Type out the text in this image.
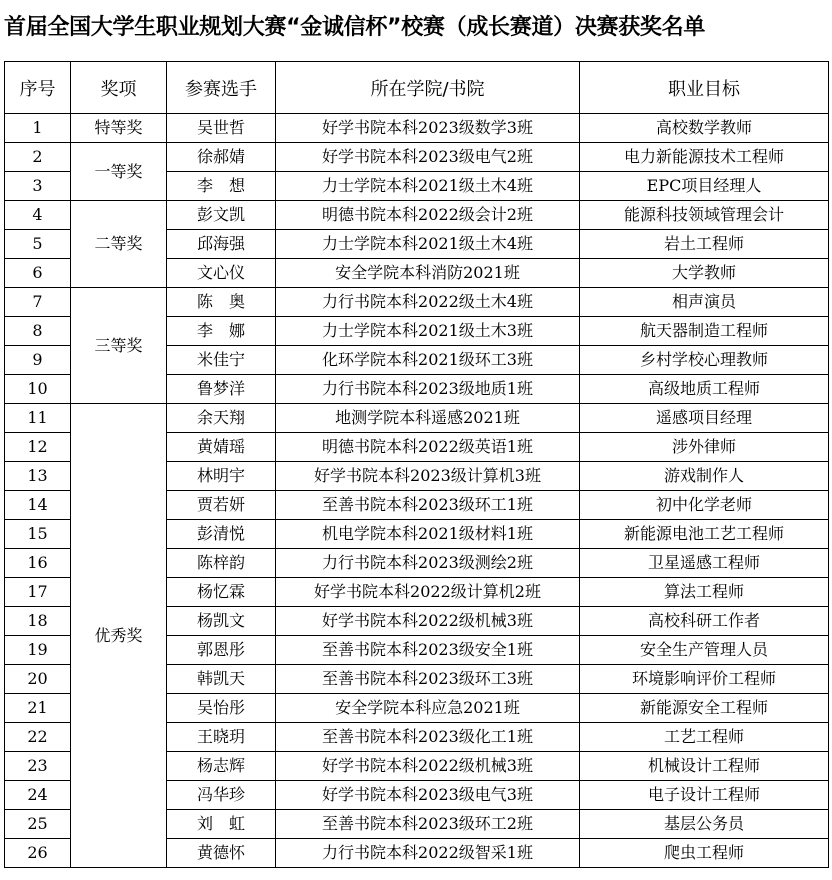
首届全国大学生职业规划大赛“金诚信杯”校赛（成长赛道）决赛获奖名单
序号	奖项	参赛选手	所在学院/书院	职业目标
1	特等奖	吴世哲	好学书院本科2023级数学3班	高校数学教师
2	一等奖	徐郝婧	好学书院本科2023级电气2班	电力新能源技术工程师
3		李　想	力士学院本科2021级土木4班	EPC项目经理人
4	二等奖	彭文凯	明德书院本科2022级会计2班	能源科技领域管理会计
5		邱海强	力士学院本科2021级土木4班	岩土工程师
6		文心仪	安全学院本科消防2021班	大学教师
7	三等奖	陈　奥	力行书院本科2022级土木4班	相声演员
8		李　娜	力士学院本科2021级土木3班	航天器制造工程师
9		米佳宁	化环学院本科2021级环工3班	乡村学校心理教师
10		鲁梦洋	力行书院本科2023级地质1班	高级地质工程师
11	优秀奖	余天翔	地测学院本科遥感2021班	遥感项目经理
12		黄婧瑶	明德书院本科2022级英语1班	涉外律师
13		林明宇	好学书院本科2023级计算机3班	游戏制作人
14		贾若妍	至善书院本科2023级环工1班	初中化学老师
15		彭清悦	机电学院本科2021级材料1班	新能源电池工艺工程师
16		陈梓韵	力行书院本科2023级测绘2班	卫星遥感工程师
17		杨忆霖	好学书院本科2022级计算机2班	算法工程师
18		杨凯文	好学书院本科2022级机械3班	高校科研工作者
19		郭恩彤	至善书院本科2023级安全1班	安全生产管理人员
20		韩凯天	至善书院本科2023级环工3班	环境影响评价工程师
21		吴怡彤	安全学院本科应急2021班	新能源安全工程师
22		王晓玥	至善书院本科2023级化工1班	工艺工程师
23		杨志辉	好学书院本科2022级机械3班	机械设计工程师
24		冯华珍	好学书院本科2023级电气3班	电子设计工程师
25		刘　虹	至善书院本科2023级环工2班	基层公务员
26		黄德怀	力行书院本科2022级智采1班	爬虫工程师
